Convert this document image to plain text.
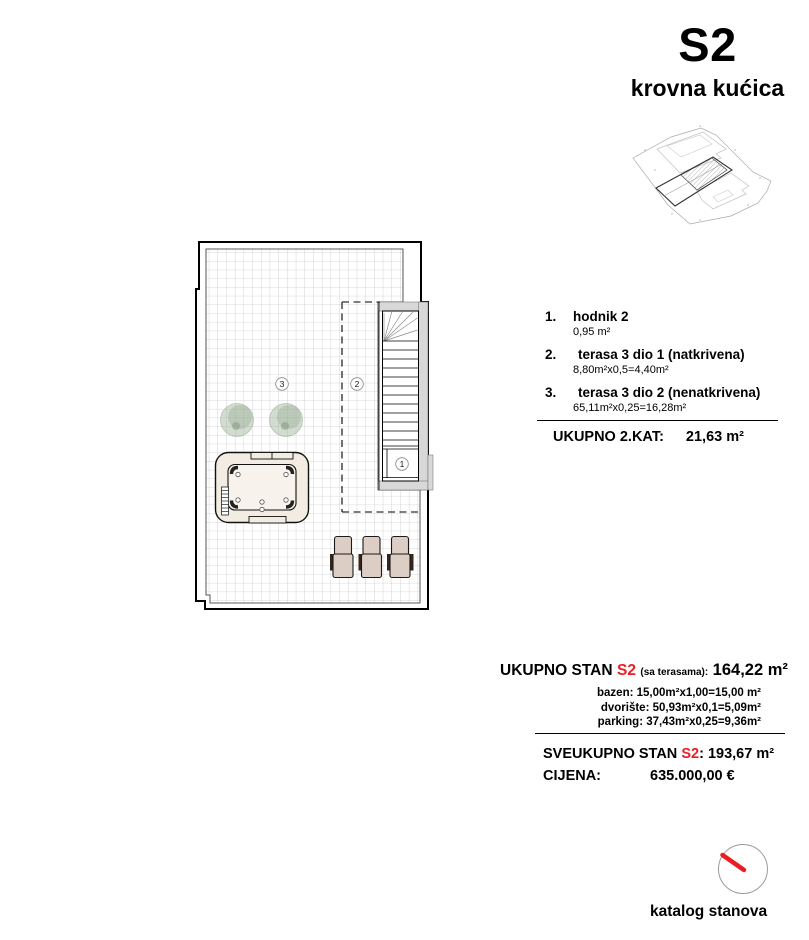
S2
krovna kućica
1
2
3
1.	hodnik 2
0,95 m²
2.	terasa 3 dio 1 (natkrivena)
8,80m²x0,5=4,40m²
3.	terasa 3 dio 2 (nenatkrivena)
65,11m²x0,25=16,28m²
UKUPNO 2.KAT: 21,63 m²
UKUPNO STAN S2 (sa terasama): 164,22 m²
bazen: 15,00m²x1,00=15,00 m²
dvorište: 50,93m²x0,1=5,09m²
parking: 37,43m²x0,25=9,36m²
SVEUKUPNO STAN S2: 193,67 m²
CIJENA:	635.000,00 €
katalog stanova
